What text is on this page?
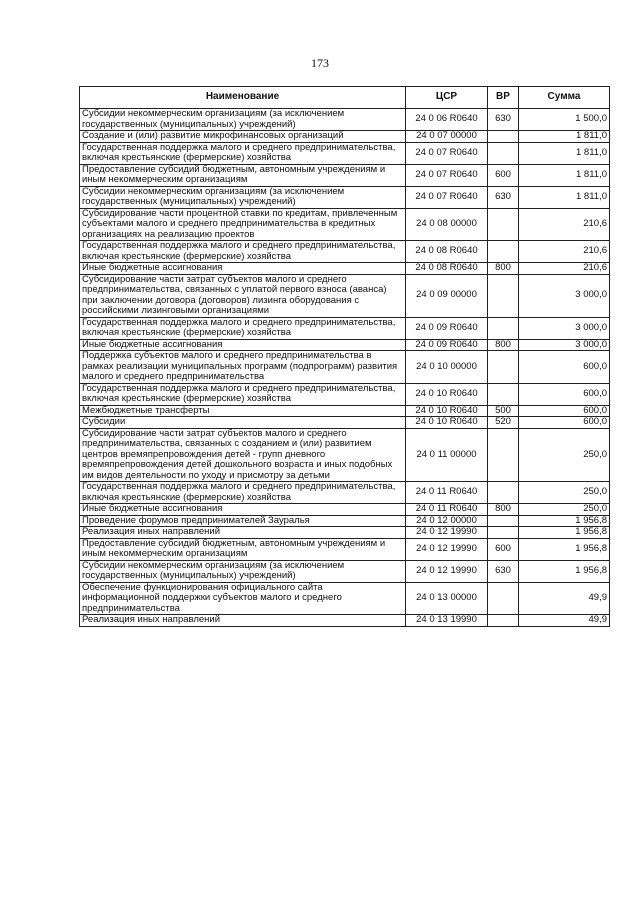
173
Наименование	ЦСР	ВР	Сумма
Субсидии некоммерческим организациям (за исключением государственных (муниципальных) учреждений)	24 0 06 R0640	630	1 500,0
Создание и (или) развитие микрофинансовых организаций	24 0 07 00000		1 811,0
Государственная поддержка малого и среднего предпринимательства, включая крестьянские (фермерские) хозяйства	24 0 07 R0640		1 811,0
Предоставление субсидий бюджетным, автономным учреждениям и иным некоммерческим организациям	24 0 07 R0640	600	1 811,0
Субсидии некоммерческим организациям (за исключением государственных (муниципальных) учреждений)	24 0 07 R0640	630	1 811,0
Субсидирование части процентной ставки по кредитам, привлеченным субъектами малого и среднего предпринимательства в кредитных организациях на реализацию проектов	24 0 08 00000		210,6
Государственная поддержка малого и среднего предпринимательства, включая крестьянские (фермерские) хозяйства	24 0 08 R0640		210,6
Иные бюджетные ассигнования	24 0 08 R0640	800	210,6
Субсидирование части затрат субъектов малого и среднего предпринимательства, связанных с уплатой первого взноса (аванса) при заключении договора (договоров) лизинга оборудования с российскими лизинговыми организациями	24 0 09 00000		3 000,0
Государственная поддержка малого и среднего предпринимательства, включая крестьянские (фермерские) хозяйства	24 0 09 R0640		3 000,0
Иные бюджетные ассигнования	24 0 09 R0640	800	3 000,0
Поддержка субъектов малого и среднего предпринимательства в рамках реализации муниципальных программ (подпрограмм) развития малого и среднего предпринимательства	24 0 10 00000		600,0
Государственная поддержка малого и среднего предпринимательства, включая крестьянские (фермерские) хозяйства	24 0 10 R0640		600,0
Межбюджетные трансферты	24 0 10 R0640	500	600,0
Субсидии	24 0 10 R0640	520	600,0
Субсидирование части затрат субъектов малого и среднего предпринимательства, связанных с созданием и (или) развитием центров времяпрепровождения детей - групп дневного времяпрепровождения детей дошкольного возраста и иных подобных им видов деятельности по уходу и присмотру за детьми	24 0 11 00000		250,0
Государственная поддержка малого и среднего предпринимательства, включая крестьянские (фермерские) хозяйства	24 0 11 R0640		250,0
Иные бюджетные ассигнования	24 0 11 R0640	800	250,0
Проведение форумов предпринимателей Зауралья	24 0 12 00000		1 956,8
Реализация иных направлений	24 0 12 19990		1 956,8
Предоставление субсидий бюджетным, автономным учреждениям и иным некоммерческим организациям	24 0 12 19990	600	1 956,8
Субсидии некоммерческим организациям (за исключением государственных (муниципальных) учреждений)	24 0 12 19990	630	1 956,8
Обеспечение функционирования официального сайта информационной поддержки субъектов малого и среднего предпринимательства	24 0 13 00000		49,9
Реализация иных направлений	24 0 13 19990		49,9
